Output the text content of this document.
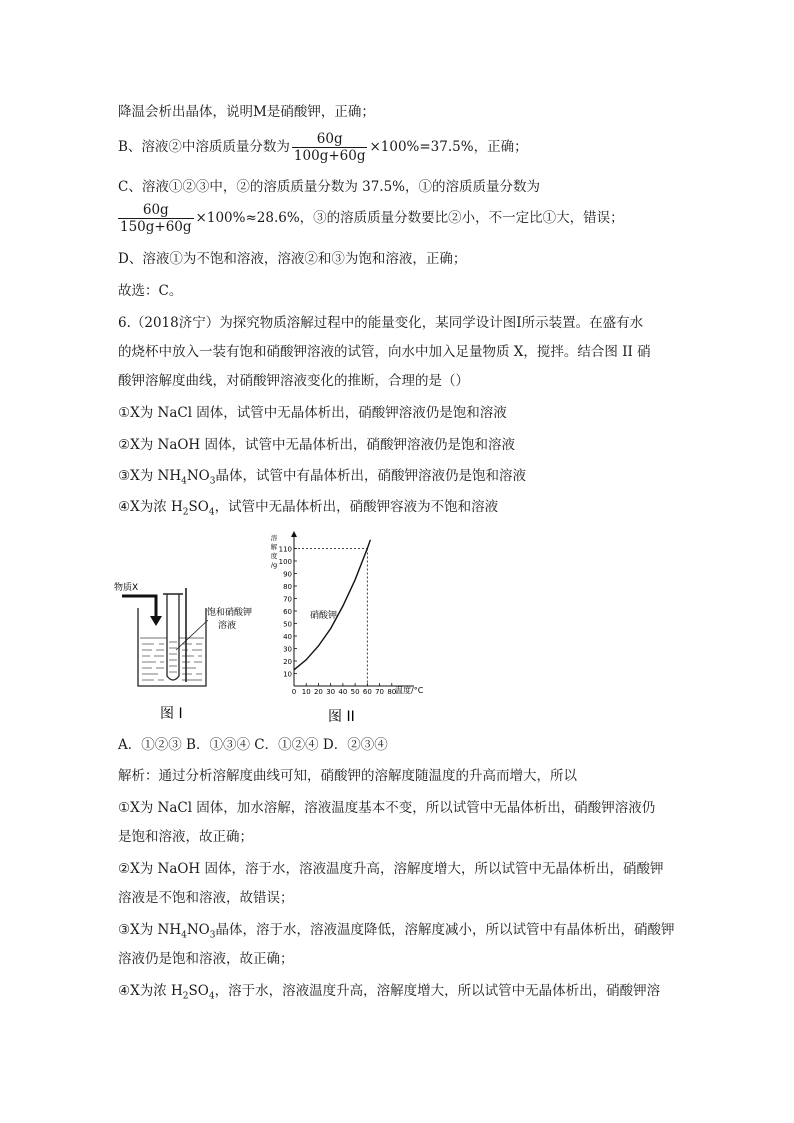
降温会析出晶体，说明M是硝酸钾，正确；
B、溶液②中溶质质量分数为 $\frac{60g}{100g+60g} \times 100\%=37.5\%$，正确；
C、溶液①②③中，②的溶质质量分数为 37.5%，①的溶质质量分数为
$\frac{60g}{150g+60g} \times 100\%\approx 28.6\%$，③的溶质质量分数要比②小，不一定比①大，错误；
D、溶液①为不饱和溶液，溶液②和③为饱和溶液，正确；
故选：C。
6.（2018济宁）为探究物质溶解过程中的能量变化，某同学设计图I所示装置。在盛有水
的烧杯中放入一装有饱和硝酸钾溶液的试管，向水中加入足量物质 X，搅拌。结合图 II 硝
酸钾溶解度曲线，对硝酸钾溶液变化的推断，合理的是（）
①X为 NaCl 固体，试管中无晶体析出，硝酸钾溶液仍是饱和溶液
②X为 NaOH 固体，试管中无晶体析出，硝酸钾溶液仍是饱和溶液
③X为 $NH_4NO_3$晶体，试管中有晶体析出，硝酸钾溶液仍是饱和溶液
④X为浓 $H_2SO_4$，试管中无晶体析出，硝酸钾容液为不饱和溶液
物质X
饱和硝酸钾
溶液
图 I
溶
解
度
/g
10
20
30
40
50
60
70
80
90
100
110
0 10 20 30 40 50 60 70 80
硝酸钾
温度/°C
图 II
A．①②③ B．①③④ C．①②④ D．②③④
解析：通过分析溶解度曲线可知，硝酸钾的溶解度随温度的升高而增大，所以
①X为 NaCl 固体，加水溶解，溶液温度基本不变，所以试管中无晶体析出，硝酸钾溶液仍
是饱和溶液，故正确；
②X为 NaOH 固体，溶于水，溶液温度升高，溶解度增大，所以试管中无晶体析出，硝酸钾
溶液是不饱和溶液，故错误；
③X为 $NH_4NO_3$晶体，溶于水，溶液温度降低，溶解度减小，所以试管中有晶体析出，硝酸钾
溶液仍是饱和溶液，故正确；
④X为浓 $H_2SO_4$，溶于水，溶液温度升高，溶解度增大，所以试管中无晶体析出，硝酸钾溶
